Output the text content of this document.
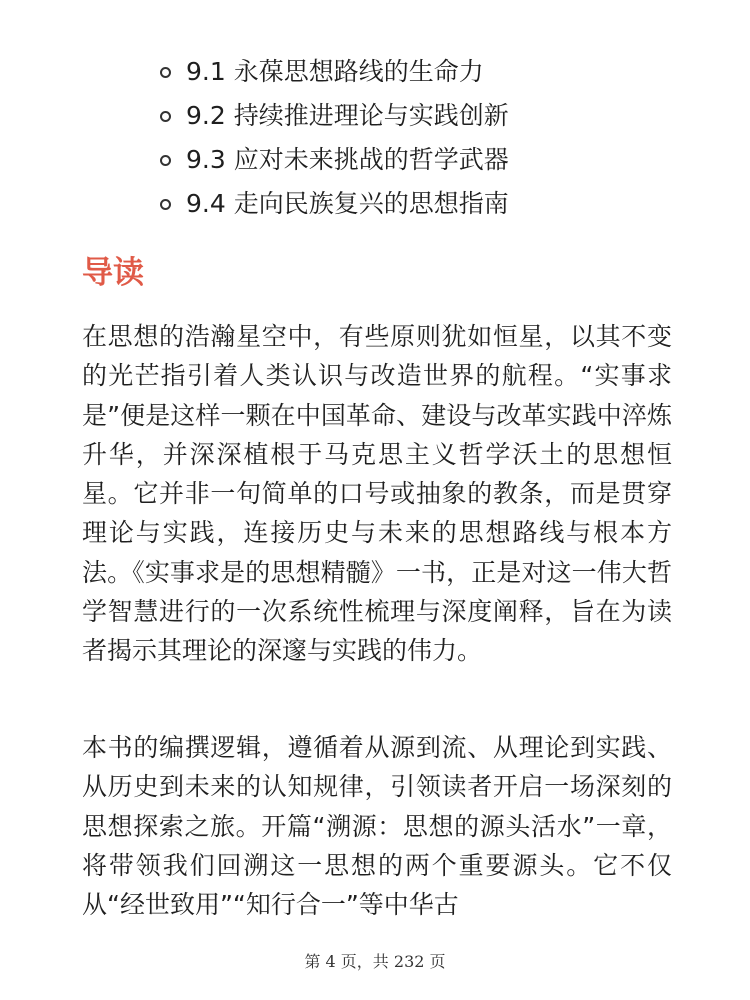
9.1 永葆思想路线的生命力
9.2 持续推进理论与实践创新
9.3 应对未来挑战的哲学武器
9.4 走向民族复兴的思想指南
导读

在思想的浩瀚星空中，有些原则犹如恒星，以其不变的光芒指引着人类认识与改造世界的航程。“实事求是”便是这样一颗在中国革命、建设与改革实践中淬炼升华，并深深植根于马克思主义哲学沃土的思想恒星。它并非一句简单的口号或抽象的教条，而是贯穿理论与实践，连接历史与未来的思想路线与根本方法。《实事求是的思想精髓》一书，正是对这一伟大哲学智慧进行的一次系统性梳理与深度阐释，旨在为读者揭示其理论的深邃与实践的伟力。

本书的编撰逻辑，遵循着从源到流、从理论到实践、从历史到未来的认知规律，引领读者开启一场深刻的思想探索之旅。开篇“溯源：思想的源头活水”一章，将带领我们回溯这一思想的两个重要源头。它不仅从“经世致用”“知行合一”等中华古

第 4 页，共 232 页
